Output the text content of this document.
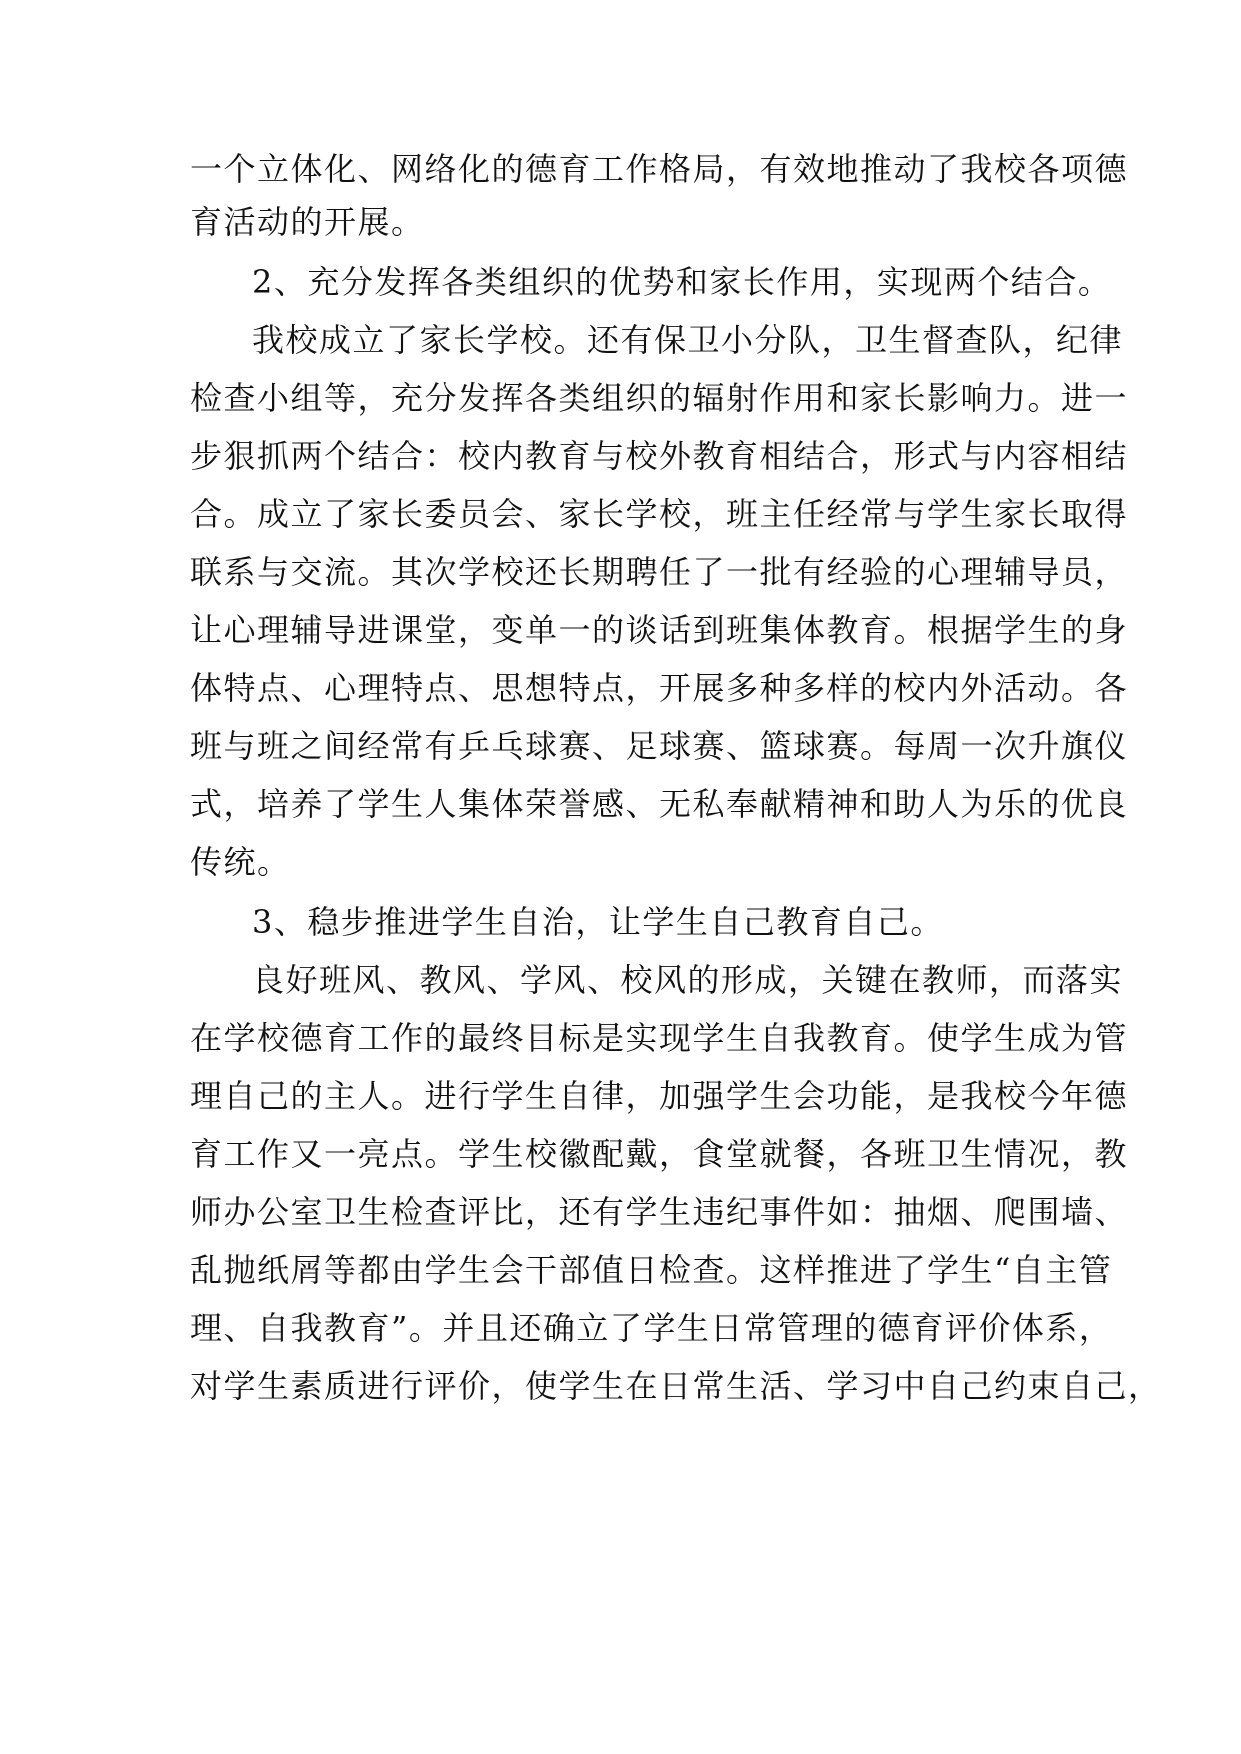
一个立体化、网络化的德育工作格局，有效地推动了我校各项德
育活动的开展。
2、充分发挥各类组织的优势和家长作用，实现两个结合。
我校成立了家长学校。还有保卫小分队，卫生督查队，纪律
检查小组等，充分发挥各类组织的辐射作用和家长影响力。进一
步狠抓两个结合：校内教育与校外教育相结合，形式与内容相结
合。成立了家长委员会、家长学校，班主任经常与学生家长取得
联系与交流。其次学校还长期聘任了一批有经验的心理辅导员，
让心理辅导进课堂，变单一的谈话到班集体教育。根据学生的身
体特点、心理特点、思想特点，开展多种多样的校内外活动。各
班与班之间经常有乒乓球赛、足球赛、篮球赛。每周一次升旗仪
式，培养了学生人集体荣誉感、无私奉献精神和助人为乐的优良
传统。
3、稳步推进学生自治，让学生自己教育自己。
良好班风、教风、学风、校风的形成，关键在教师，而落实
在学校德育工作的最终目标是实现学生自我教育。使学生成为管
理自己的主人。进行学生自律，加强学生会功能，是我校今年德
育工作又一亮点。学生校徽配戴，食堂就餐，各班卫生情况，教
师办公室卫生检查评比，还有学生违纪事件如：抽烟、爬围墙、
乱抛纸屑等都由学生会干部值日检查。这样推进了学生“自主管
理、自我教育”。并且还确立了学生日常管理的德育评价体系，
对学生素质进行评价，使学生在日常生活、学习中自己约束自己，
